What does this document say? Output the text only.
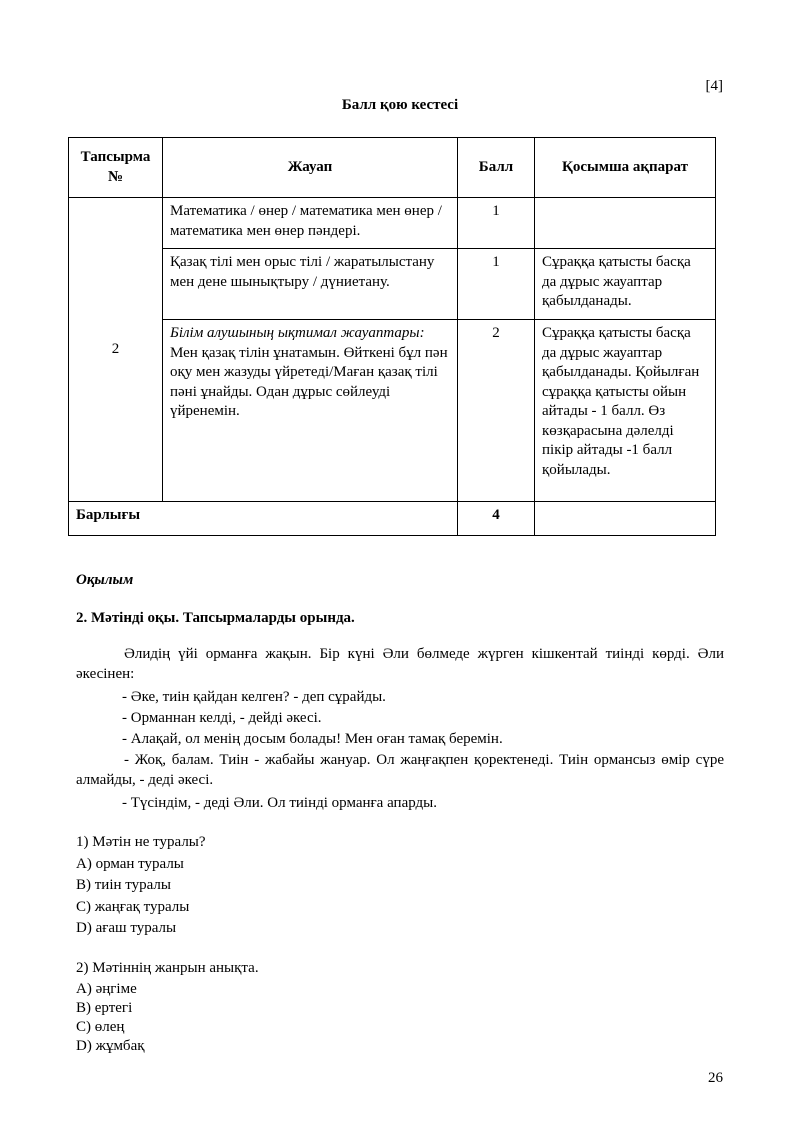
[4]
Балл қою кестесі
Тапсырма №	Жауап	Балл	Қосымша ақпарат
2	Математика / өнер / математика мен өнер / математика мен өнер пәндері.	1	
	Қазақ тілі мен орыс тілі / жаратылыстану мен дене шынықтыру / дүниетану.	1	Сұраққа қатысты басқа да дұрыс жауаптар қабылданады.
	Білім алушының ықтимал жауаптары: Мен қазақ тілін ұнатамын. Өйткені бұл пән оқу мен жазуды үйретеді/Маған қазақ тілі пәні ұнайды. Одан дұрыс сөйлеуді үйренемін.	2	Сұраққа қатысты басқа да дұрыс жауаптар қабылданады. Қойылған сұраққа қатысты ойын айтады - 1 балл. Өз көзқарасына дәлелді пікір айтады -1 балл қойылады.
Барлығы		4	
Оқылым
2. Мәтінді оқы. Тапсырмаларды орында.
Әлидің үйі орманға жақын. Бір күні Әли бөлмеде жүрген кішкентай тиінді көрді. Әли әкесінен:
- Әке, тиін қайдан келген? - деп сұрайды.
- Орманнан келді, - дейді әкесі.
- Алақай, ол менің досым болады! Мен оған тамақ беремін.
- Жоқ, балам. Тиін - жабайы жануар. Ол жаңғақпен қоректенеді. Тиін ормансыз өмір сүре алмайды, - деді әкесі.
- Түсіндім, - деді Әли. Ол тиінді орманға апарды.
1) Мәтін не туралы?
A) орман туралы
B) тиін туралы
C) жаңғақ туралы
D) ағаш туралы
2) Мәтіннің жанрын анықта.
A) әңгіме
B) ертегі
C) өлең
D) жұмбақ
26
